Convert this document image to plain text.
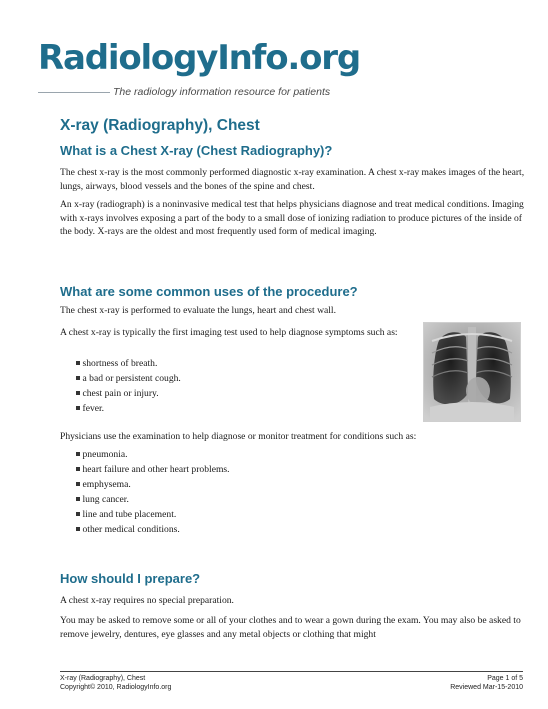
RadiologyInfo.org
The radiology information resource for patients
X-ray (Radiography), Chest
What is a Chest X-ray (Chest Radiography)?
The chest x-ray is the most commonly performed diagnostic x-ray examination. A chest x-ray makes images of the heart, lungs, airways, blood vessels and the bones of the spine and chest.
An x-ray (radiograph) is a noninvasive medical test that helps physicians diagnose and treat medical conditions. Imaging with x-rays involves exposing a part of the body to a small dose of ionizing radiation to produce pictures of the inside of the body. X-rays are the oldest and most frequently used form of medical imaging.
What are some common uses of the procedure?
The chest x-ray is performed to evaluate the lungs, heart and chest wall.
A chest x-ray is typically the first imaging test used to help diagnose symptoms such as:
shortness of breath.
a bad or persistent cough.
chest pain or injury.
fever.
Physicians use the examination to help diagnose or monitor treatment for conditions such as:
pneumonia.
heart failure and other heart problems.
emphysema.
lung cancer.
line and tube placement.
other medical conditions.
How should I prepare?
A chest x-ray requires no special preparation.
You may be asked to remove some or all of your clothes and to wear a gown during the exam. You may also be asked to remove jewelry, dentures, eye glasses and any metal objects or clothing that might
X-ray (Radiography), Chest
Copyright© 2010, RadiologyInfo.org
Page 1 of 5
Reviewed Mar-15-2010
